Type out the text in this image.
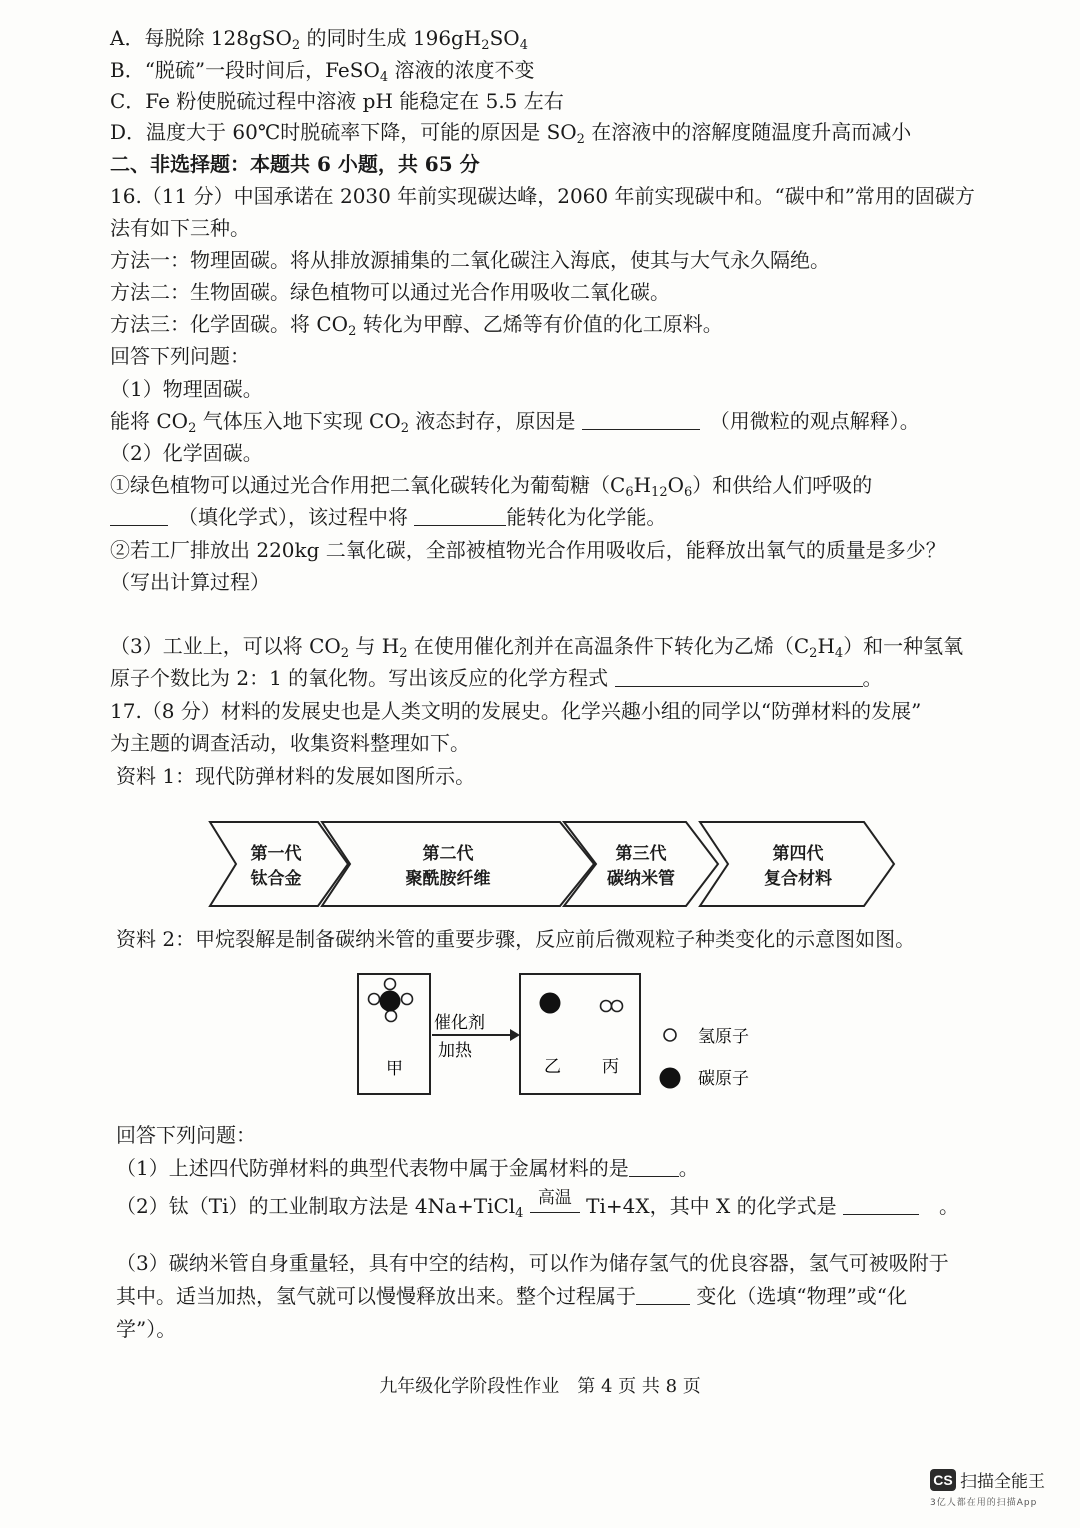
A．每脱除 128gSO$_2$ 的同时生成 $196gH_2SO_4$
B．“脱硫”一段时间后，FeSO$_4$ 溶液的浓度不变
C．Fe 粉使脱硫过程中溶液 pH 能稳定在 5.5 左右
D．温度大于 60℃时脱硫率下降，可能的原因是 $SO_2$ 在溶液中的溶解度随温度升高而减小
二、非选择题：本题共 6 小题，共 65 分
16.（11 分）中国承诺在 2030 年前实现碳达峰，2060 年前实现碳中和。“碳中和”常用的固碳方
法有如下三种。
方法一：物理固碳。将从排放源捕集的二氧化碳注入海底，使其与大气永久隔绝。
方法二：生物固碳。绿色植物可以通过光合作用吸收二氧化碳。
方法三：化学固碳。将 $CO_2$ 转化为甲醇、乙烯等有价值的化工原料。
回答下列问题：
（1）物理固碳。
能将 $CO_2$ 气体压入地下实现 $CO_2$ 液态封存，原因是 　	（用微粒的观点解释）。
（2）化学固碳。
①绿色植物可以通过光合作用把二氧化碳转化为葡萄糖$(C_6H_{12}O_6)$和供给人们呼吸的
　（填化学式），该过程中将	能转化为化学能。
②若工厂排放出 220kg 二氧化碳，全部被植物光合作用吸收后，能释放出氧气的质量是多少？
（写出计算过程）
（3）工业上，可以将 $CO_2$ 与 $H_2$ 在使用催化剂并在高温条件下转化为乙烯$(C_2H_4)$和一种氢氧
原子个数比为 2：1 的氧化物。写出该反应的化学方程式	。
17.（8 分）材料的发展史也是人类文明的发展史。化学兴趣小组的同学以“防弹材料的发展”
为主题的调查活动，收集资料整理如下。
资料 1：现代防弹材料的发展如图所示。
第一代
钛合金
第二代
聚酰胺纤维
第三代
碳纳米管
第四代
复合材料
资料 2：甲烷裂解是制备碳纳米管的重要步骤，反应前后微观粒子种类变化的示意图如图。
甲
催化剂
加热
乙 丙
氢原子
碳原子
回答下列问题：
（1）上述四代防弹材料的典型代表物中属于金属材料的是	。
（2）钛（Ti）的工业制取方法是 4Na+TiCl$_4$
高温 Ti+4X，其中 X 的化学式是 　	。
（3）碳纳米管自身重量轻，具有中空的结构，可以作为储存氢气的优良容器，氢气可被吸附于
其中。适当加热，氢气就可以慢慢释放出来。整个过程属于	变化（选填“物理”或“化
学”）。
九年级化学阶段性作业　第 4 页 共 8 页
CS 扫描全能王
3亿人都在用的扫描App
